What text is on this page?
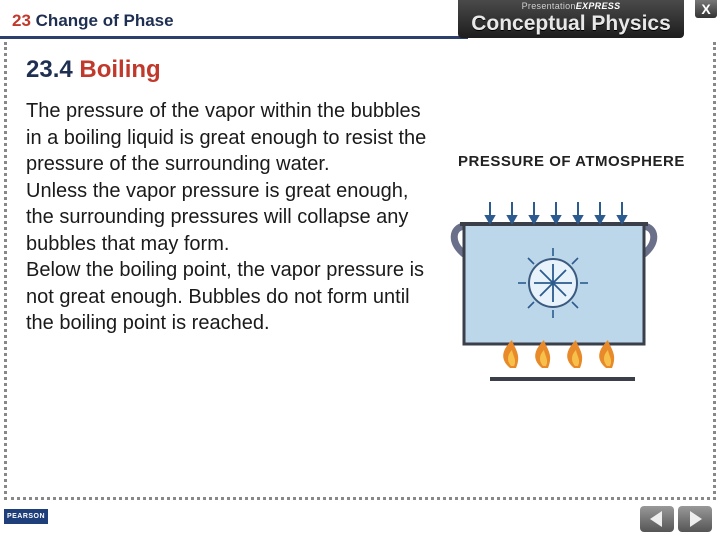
23 Change of Phase
PresentationEXPRESS
Conceptual Physics
X
23.4 Boiling

The pressure of the vapor within the bubbles in a boiling liquid is great enough to resist the pressure of the surrounding water.

Unless the vapor pressure is great enough, the surrounding pressures will collapse any bubbles that may form.

Below the boiling point, the vapor pressure is not great enough. Bubbles do not form until the boiling point is reached.

PRESSURE OF ATMOSPHERE
PEARSON
